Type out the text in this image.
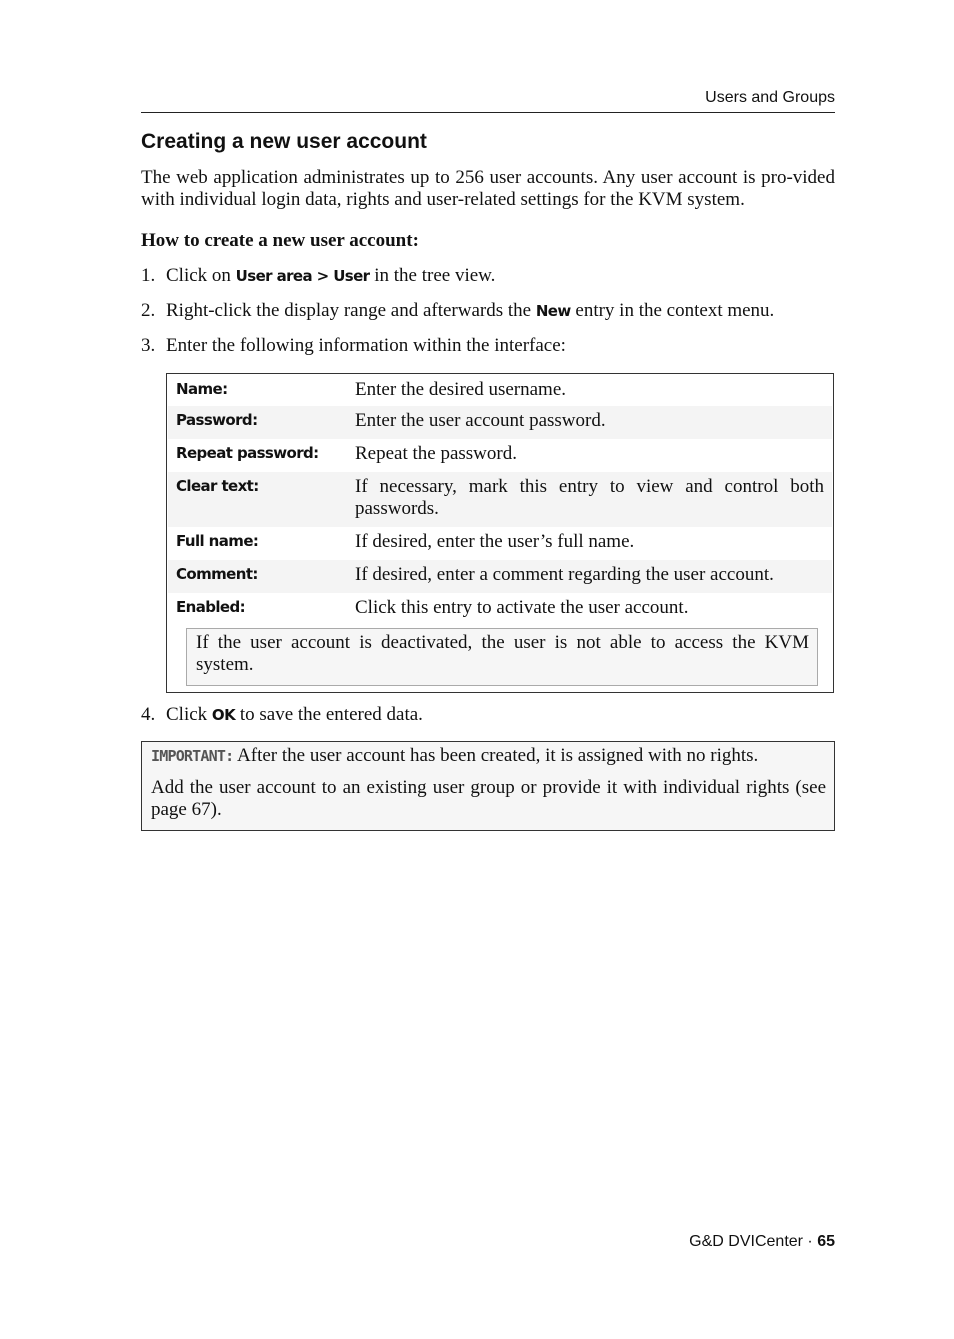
Users and Groups
Creating a new user account

The web application administrates up to 256 user accounts. Any user account is pro-vided with individual login data, rights and user-related settings for the KVM system.

How to create a new user account:

1. Click on User area > User in the tree view.
2. Right-click the display range and afterwards the New entry in the context menu.
3. Enter the following information within the interface:
Name:	Enter the desired username.
Password:	Enter the user account password.
Repeat password: Repeat the password.
Clear text:	If necessary, mark this entry to view and control both passwords.
Full name:	If desired, enter the user’s full name.
Comment:	If desired, enter a comment regarding the user account.
Enabled:	Click this entry to activate the user account.
If the user account is deactivated, the user is not able to access the KVM system.
4. Click OK to save the entered data.
IMPORTANT: After the user account has been created, it is assigned with no rights.
Add the user account to an existing user group or provide it with individual rights (see page 67).
G&D DVICenter · 65
